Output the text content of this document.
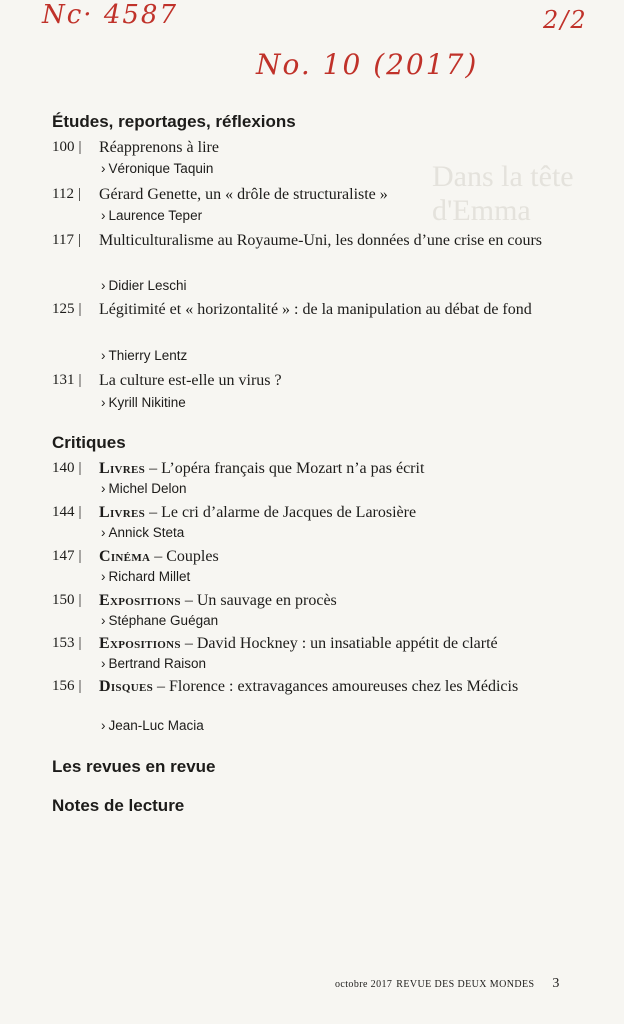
Dans la tête d'Emma
Nc· 4587	2/2
No. 10 (2017)
Études, reportages, réflexions
100 | Réapprenons à lire
› Véronique Taquin
112 | Gérard Genette, un « drôle de structuraliste »
› Laurence Teper
117 | Multiculturalisme au Royaume-Uni, les données d’une crise en cours
› Didier Leschi
125 | Légitimité et « horizontalité » : de la manipulation au débat de fond
› Thierry Lentz
131 | La culture est-elle un virus ?
› Kyrill Nikitine
Critiques
140 | Livres – L’opéra français que Mozart n’a pas écrit
› Michel Delon
144 | Livres – Le cri d’alarme de Jacques de Larosière
› Annick Steta
147 | Cinéma – Couples
› Richard Millet
150 | Expositions – Un sauvage en procès
› Stéphane Guégan
153 | Expositions – David Hockney : un insatiable appétit de clarté
› Bertrand Raison
156 | Disques – Florence : extravagances amoureuses chez les Médicis
› Jean-Luc Macia
Les revues en revue
Notes de lecture
octobre 2017 REVUE DES DEUX MONDES 3
